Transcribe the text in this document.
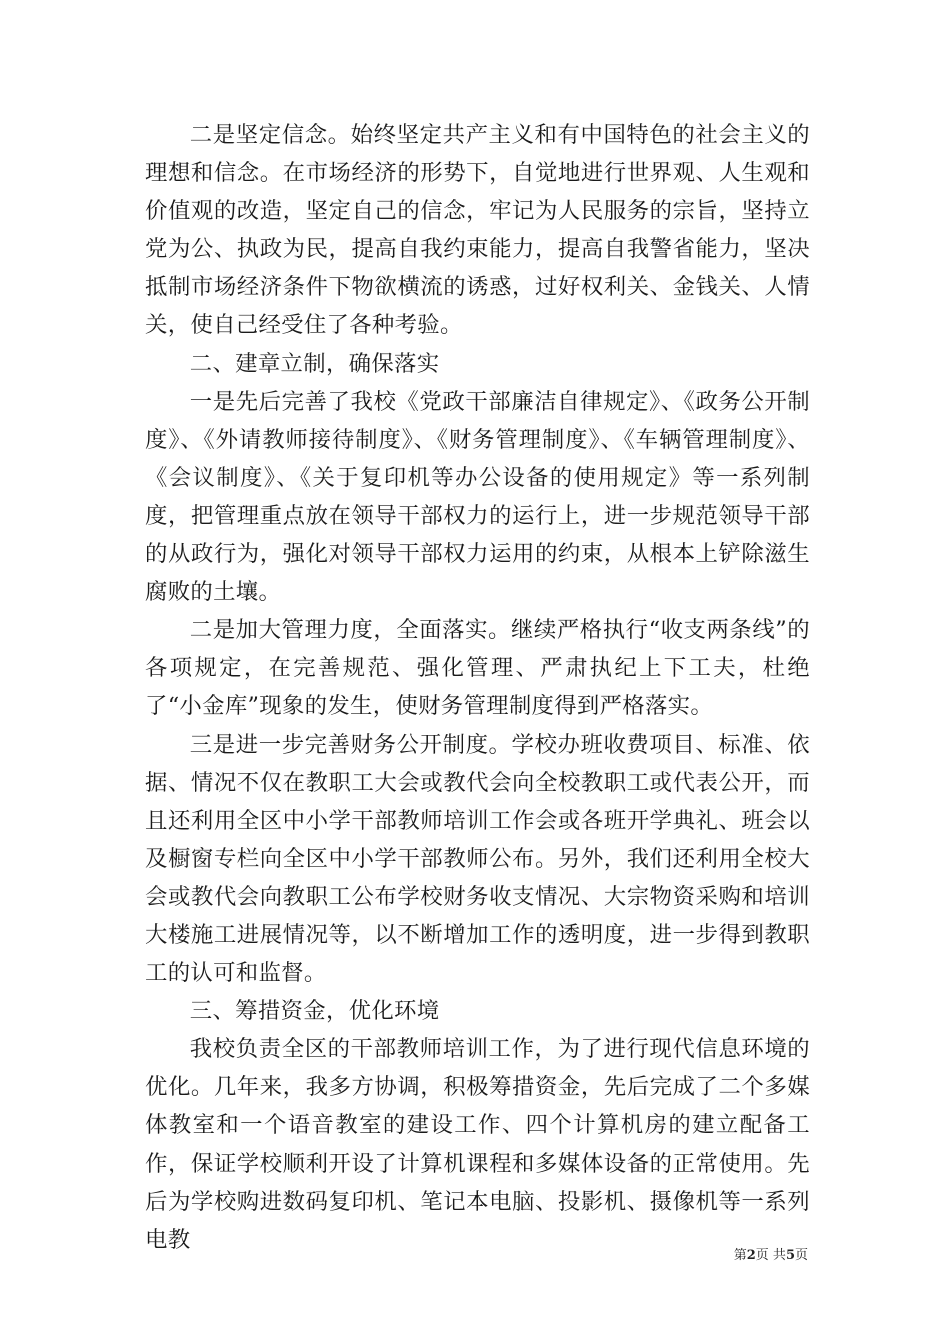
二是坚定信念。始终坚定共产主义和有中国特色的社会主义的理想和信念。在市场经济的形势下，自觉地进行世界观、人生观和价值观的改造，坚定自己的信念，牢记为人民服务的宗旨，坚持立党为公、执政为民，提高自我约束能力，提高自我警省能力，坚决抵制市场经济条件下物欲横流的诱惑，过好权利关、金钱关、人情关，使自己经受住了各种考验。

二、建章立制，确保落实

一是先后完善了我校《党政干部廉洁自律规定》、《政务公开制度》、《外请教师接待制度》、《财务管理制度》、《车辆管理制度》、《会议制度》、《关于复印机等办公设备的使用规定》等一系列制度，把管理重点放在领导干部权力的运行上，进一步规范领导干部的从政行为，强化对领导干部权力运用的约束，从根本上铲除滋生腐败的土壤。

二是加大管理力度，全面落实。继续严格执行“收支两条线”的各项规定，在完善规范、强化管理、严肃执纪上下工夫，杜绝了“小金库”现象的发生，使财务管理制度得到严格落实。

三是进一步完善财务公开制度。学校办班收费项目、标准、依据、情况不仅在教职工大会或教代会向全校教职工或代表公开，而且还利用全区中小学干部教师培训工作会或各班开学典礼、班会以及橱窗专栏向全区中小学干部教师公布。另外，我们还利用全校大会或教代会向教职工公布学校财务收支情况、大宗物资采购和培训大楼施工进展情况等，以不断增加工作的透明度，进一步得到教职工的认可和监督。

三、筹措资金，优化环境

我校负责全区的干部教师培训工作，为了进行现代信息环境的优化。几年来，我多方协调，积极筹措资金，先后完成了二个多媒体教室和一个语音教室的建设工作、四个计算机房的建立配备工作，保证学校顺利开设了计算机课程和多媒体设备的正常使用。先后为学校购进数码复印机、笔记本电脑、投影机、摄像机等一系列电教

第2页 共5页
